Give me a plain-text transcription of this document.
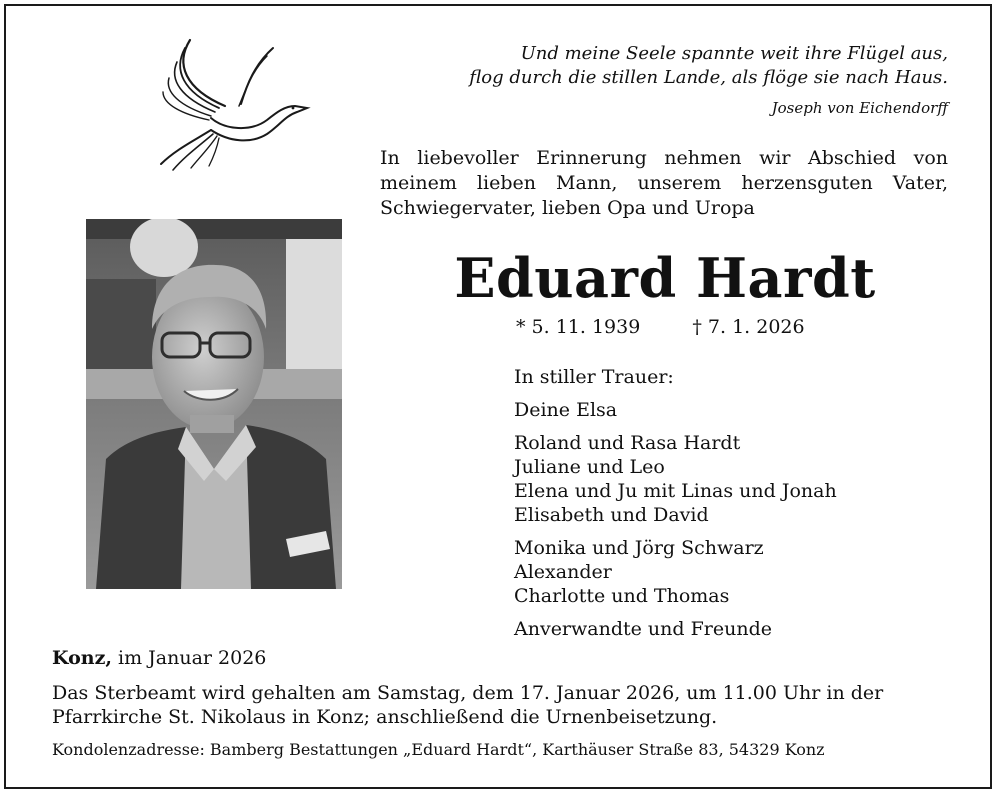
Und meine Seele spannte weit ihre Flügel aus,
flog durch die stillen Lande, als flöge sie nach Haus.
Joseph von Eichendorff
In liebevoller Erinnerung nehmen wir Abschied von meinem lieben Mann, unserem herzensguten Vater, Schwiegervater, lieben Opa und Uropa
Eduard Hardt
* 5. 11. 1939	† 7. 1. 2026
In stiller Trauer:
Deine Elsa
Roland und Rasa Hardt
Juliane und Leo
Elena und Ju mit Linas und Jonah
Elisabeth und David
Monika und Jörg Schwarz
Alexander
Charlotte und Thomas
Anverwandte und Freunde
Konz, im Januar 2026
Das Sterbeamt wird gehalten am Samstag, dem 17. Januar 2026, um 11.00 Uhr in der Pfarrkirche St. Nikolaus in Konz; anschließend die Urnenbeisetzung.
Kondolenzadresse: Bamberg Bestattungen „Eduard Hardt“, Karthäuser Straße 83, 54329 Konz
